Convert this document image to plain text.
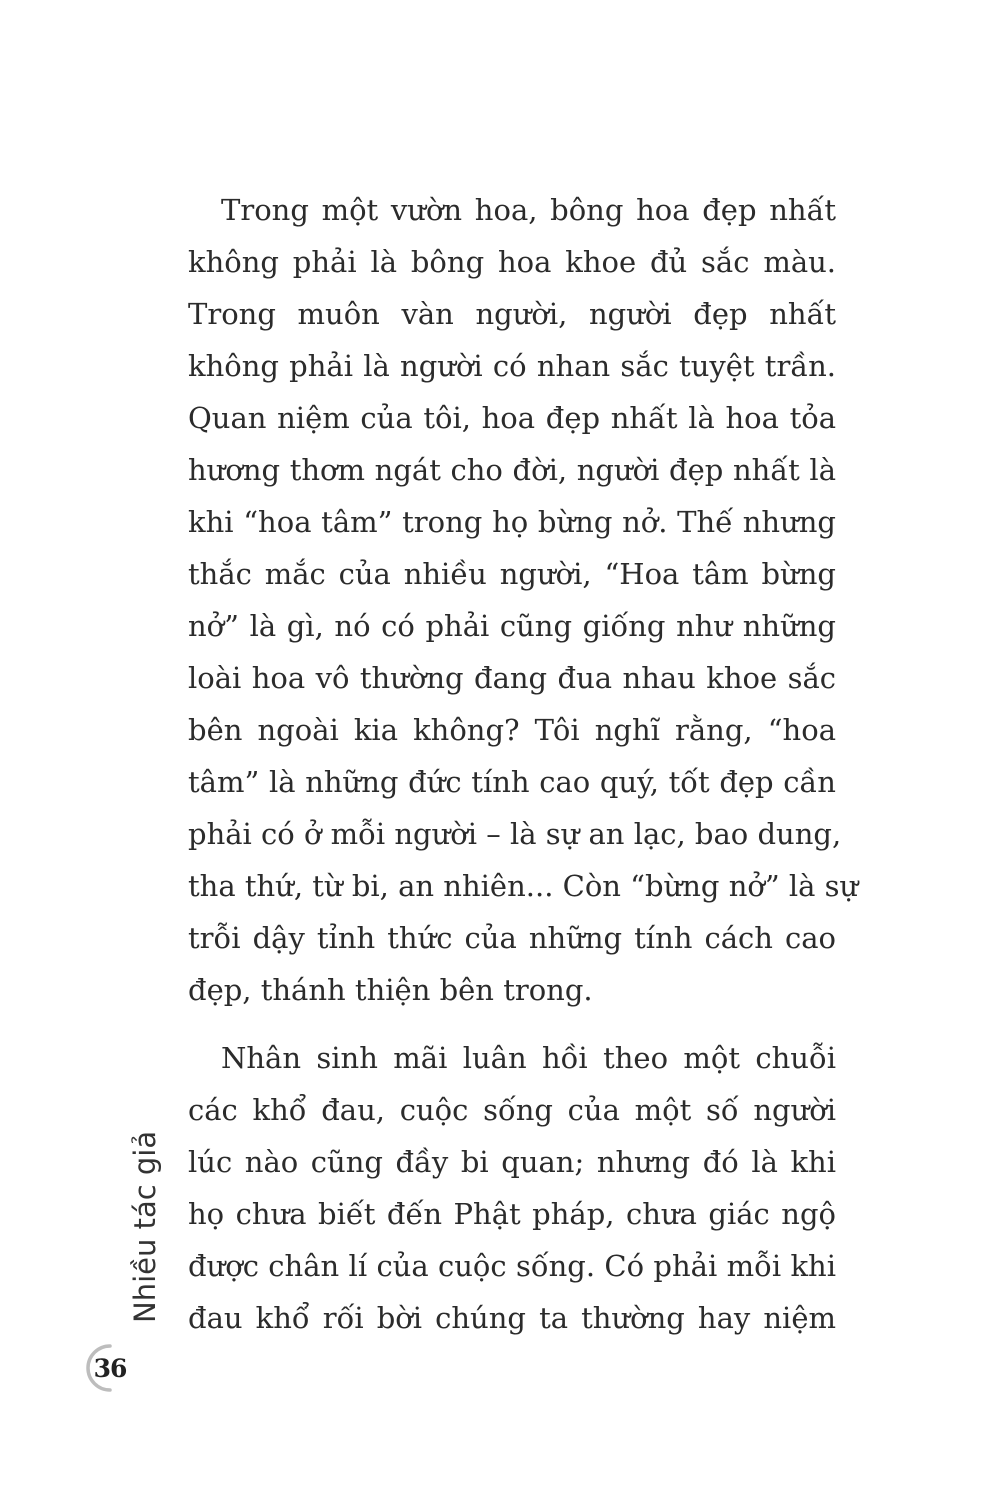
Trong một vườn hoa, bông hoa đẹp nhất
không phải là bông hoa khoe đủ sắc màu.
Trong muôn vàn người, người đẹp nhất
không phải là người có nhan sắc tuyệt trần.
Quan niệm của tôi, hoa đẹp nhất là hoa tỏa
hương thơm ngát cho đời, người đẹp nhất là
khi “hoa tâm” trong họ bừng nở. Thế nhưng
thắc mắc của nhiều người, “Hoa tâm bừng
nở” là gì, nó có phải cũng giống như những
loài hoa vô thường đang đua nhau khoe sắc
bên ngoài kia không? Tôi nghĩ rằng, “hoa
tâm” là những đức tính cao quý, tốt đẹp cần
phải có ở mỗi người – là sự an lạc, bao dung,
tha thứ, từ bi, an nhiên... Còn “bừng nở” là sự
trỗi dậy tỉnh thức của những tính cách cao
đẹp, thánh thiện bên trong.

Nhân sinh mãi luân hồi theo một chuỗi
các khổ đau, cuộc sống của một số người
lúc nào cũng đầy bi quan; nhưng đó là khi
họ chưa biết đến Phật pháp, chưa giác ngộ
được chân lí của cuộc sống. Có phải mỗi khi
đau khổ rối bời chúng ta thường hay niệm

Nhiều tác giả
36
